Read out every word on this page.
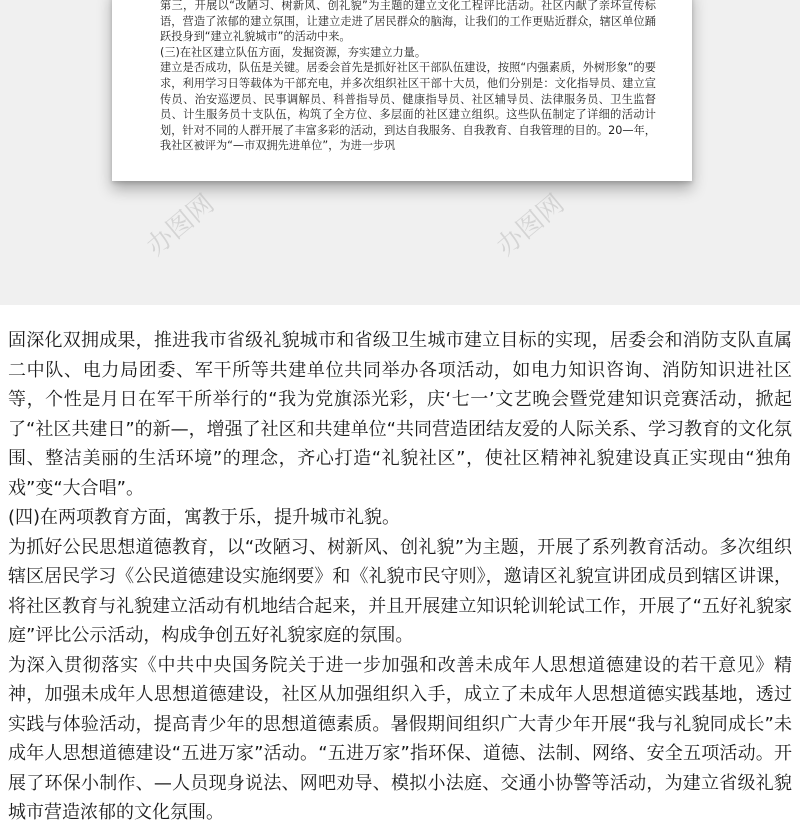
第三，开展以“改陋习、树新风、创礼貌”为主题的建立文化工程评比活动。社区内献了亲坏宣传标语，营造了浓郁的建立氛围，让建立走进了居民群众的脑海，让我们的工作更贴近群众，辖区单位踊跃投身到“建立礼貌城市”的活动中来。

(三)在社区建立队伍方面，发掘资源，夯实建立力量。

建立是否成功，队伍是关键。居委会首先是抓好社区干部队伍建设，按照“内强素质，外树形象”的要求，利用学习日等载体为干部充电，并多次组织社区干部十大员，他们分别是：文化指导员、建立宣传员、治安巡逻员、民事调解员、科普指导员、健康指导员、社区辅导员、法律服务员、卫生监督员、计生服务员十支队伍，构筑了全方位、多层面的社区建立组织。这些队伍制定了详细的活动计划，针对不同的人群开展了丰富多彩的活动，到达自我服务、自我教育、自我管理的目的。20—年，我社区被评为“—市双拥先进单位”，为进一步巩

办图网	办图网

固深化双拥成果，推进我市省级礼貌城市和省级卫生城市建立目标的实现，居委会和消防支队直属二中队、电力局团委、军干所等共建单位共同举办各项活动，如电力知识咨询、消防知识进社区等，个性是月日在军干所举行的“我为党旗添光彩，庆‘七一’文艺晚会暨党建知识竞赛活动，掀起了“社区共建日”的新—，增强了社区和共建单位“共同营造团结友爱的人际关系、学习教育的文化氛围、整洁美丽的生活环境”的理念，齐心打造“礼貌社区”，使社区精神礼貌建设真正实现由“独角戏”变“大合唱”。

(四)在两项教育方面，寓教于乐，提升城市礼貌。

为抓好公民思想道德教育，以“改陋习、树新风、创礼貌”为主题，开展了系列教育活动。多次组织辖区居民学习《公民道德建设实施纲要》和《礼貌市民守则》，邀请区礼貌宣讲团成员到辖区讲课，将社区教育与礼貌建立活动有机地结合起来，并且开展建立知识轮训轮试工作，开展了“五好礼貌家庭”评比公示活动，构成争创五好礼貌家庭的氛围。

为深入贯彻落实《中共中央国务院关于进一步加强和改善未成年人思想道德建设的若干意见》精神，加强未成年人思想道德建设，社区从加强组织入手，成立了未成年人思想道德实践基地，透过实践与体验活动，提高青少年的思想道德素质。暑假期间组织广大青少年开展“我与礼貌同成长”未成年人思想道德建设“五进万家”活动。“五进万家”指环保、道德、法制、网络、安全五项活动。开展了环保小制作、—人员现身说法、网吧劝导、模拟小法庭、交通小协警等活动，为建立省级礼貌城市营造浓郁的文化氛围。
